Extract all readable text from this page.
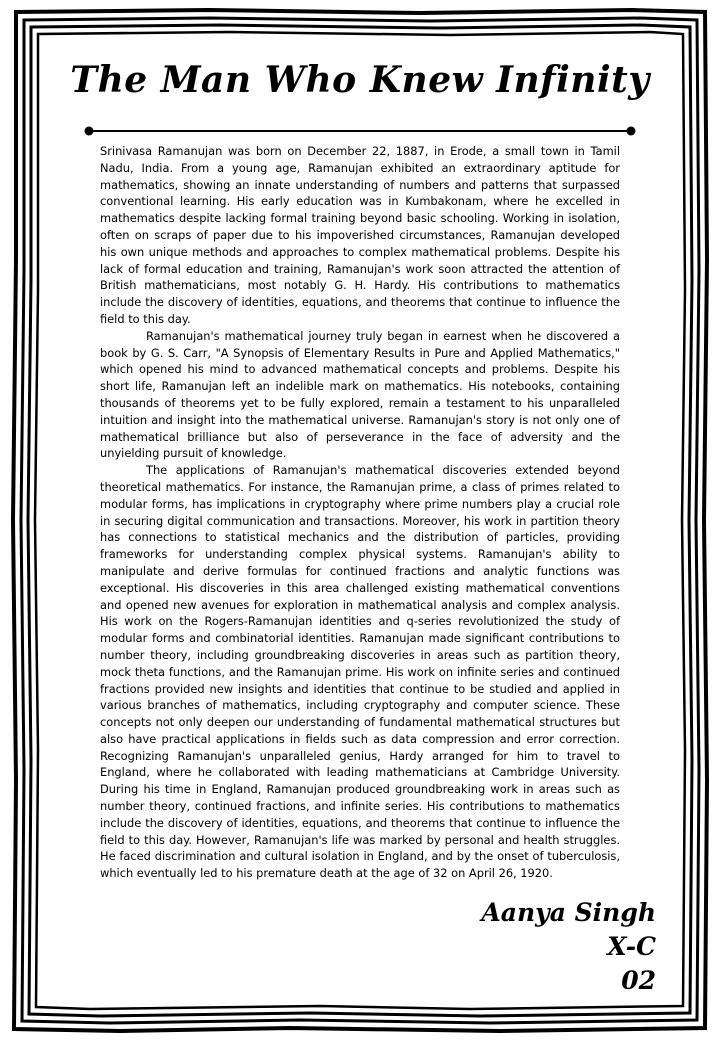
The Man Who Knew Infinity

Srinivasa Ramanujan was born on December 22, 1887, in Erode, a small town in Tamil Nadu, India. From a young age, Ramanujan exhibited an extraordinary aptitude for mathematics, showing an innate understanding of numbers and patterns that surpassed conventional learning. His early education was in Kumbakonam, where he excelled in mathematics despite lacking formal training beyond basic schooling. Working in isolation, often on scraps of paper due to his impoverished circumstances, Ramanujan developed his own unique methods and approaches to complex mathematical problems. Despite his lack of formal education and training, Ramanujan's work soon attracted the attention of British mathematicians, most notably G. H. Hardy. His contributions to mathematics include the discovery of identities, equations, and theorems that continue to influence the field to this day.

Ramanujan's mathematical journey truly began in earnest when he discovered a book by G. S. Carr, "A Synopsis of Elementary Results in Pure and Applied Mathematics," which opened his mind to advanced mathematical concepts and problems. Despite his short life, Ramanujan left an indelible mark on mathematics. His notebooks, containing thousands of theorems yet to be fully explored, remain a testament to his unparalleled intuition and insight into the mathematical universe. Ramanujan's story is not only one of mathematical brilliance but also of perseverance in the face of adversity and the unyielding pursuit of knowledge.

The applications of Ramanujan's mathematical discoveries extended beyond theoretical mathematics. For instance, the Ramanujan prime, a class of primes related to modular forms, has implications in cryptography where prime numbers play a crucial role in securing digital communication and transactions. Moreover, his work in partition theory has connections to statistical mechanics and the distribution of particles, providing frameworks for understanding complex physical systems. Ramanujan's ability to manipulate and derive formulas for continued fractions and analytic functions was exceptional. His discoveries in this area challenged existing mathematical conventions and opened new avenues for exploration in mathematical analysis and complex analysis. His work on the Rogers-Ramanujan identities and q-series revolutionized the study of modular forms and combinatorial identities. Ramanujan made significant contributions to number theory, including groundbreaking discoveries in areas such as partition theory, mock theta functions, and the Ramanujan prime. His work on infinite series and continued fractions provided new insights and identities that continue to be studied and applied in various branches of mathematics, including cryptography and computer science. These concepts not only deepen our understanding of fundamental mathematical structures but also have practical applications in fields such as data compression and error correction. Recognizing Ramanujan's unparalleled genius, Hardy arranged for him to travel to England, where he collaborated with leading mathematicians at Cambridge University. During his time in England, Ramanujan produced groundbreaking work in areas such as number theory, continued fractions, and infinite series. His contributions to mathematics include the discovery of identities, equations, and theorems that continue to influence the field to this day. However, Ramanujan's life was marked by personal and health struggles. He faced discrimination and cultural isolation in England, and by the onset of tuberculosis, which eventually led to his premature death at the age of 32 on April 26, 1920.

Aanya Singh
X-C
02
